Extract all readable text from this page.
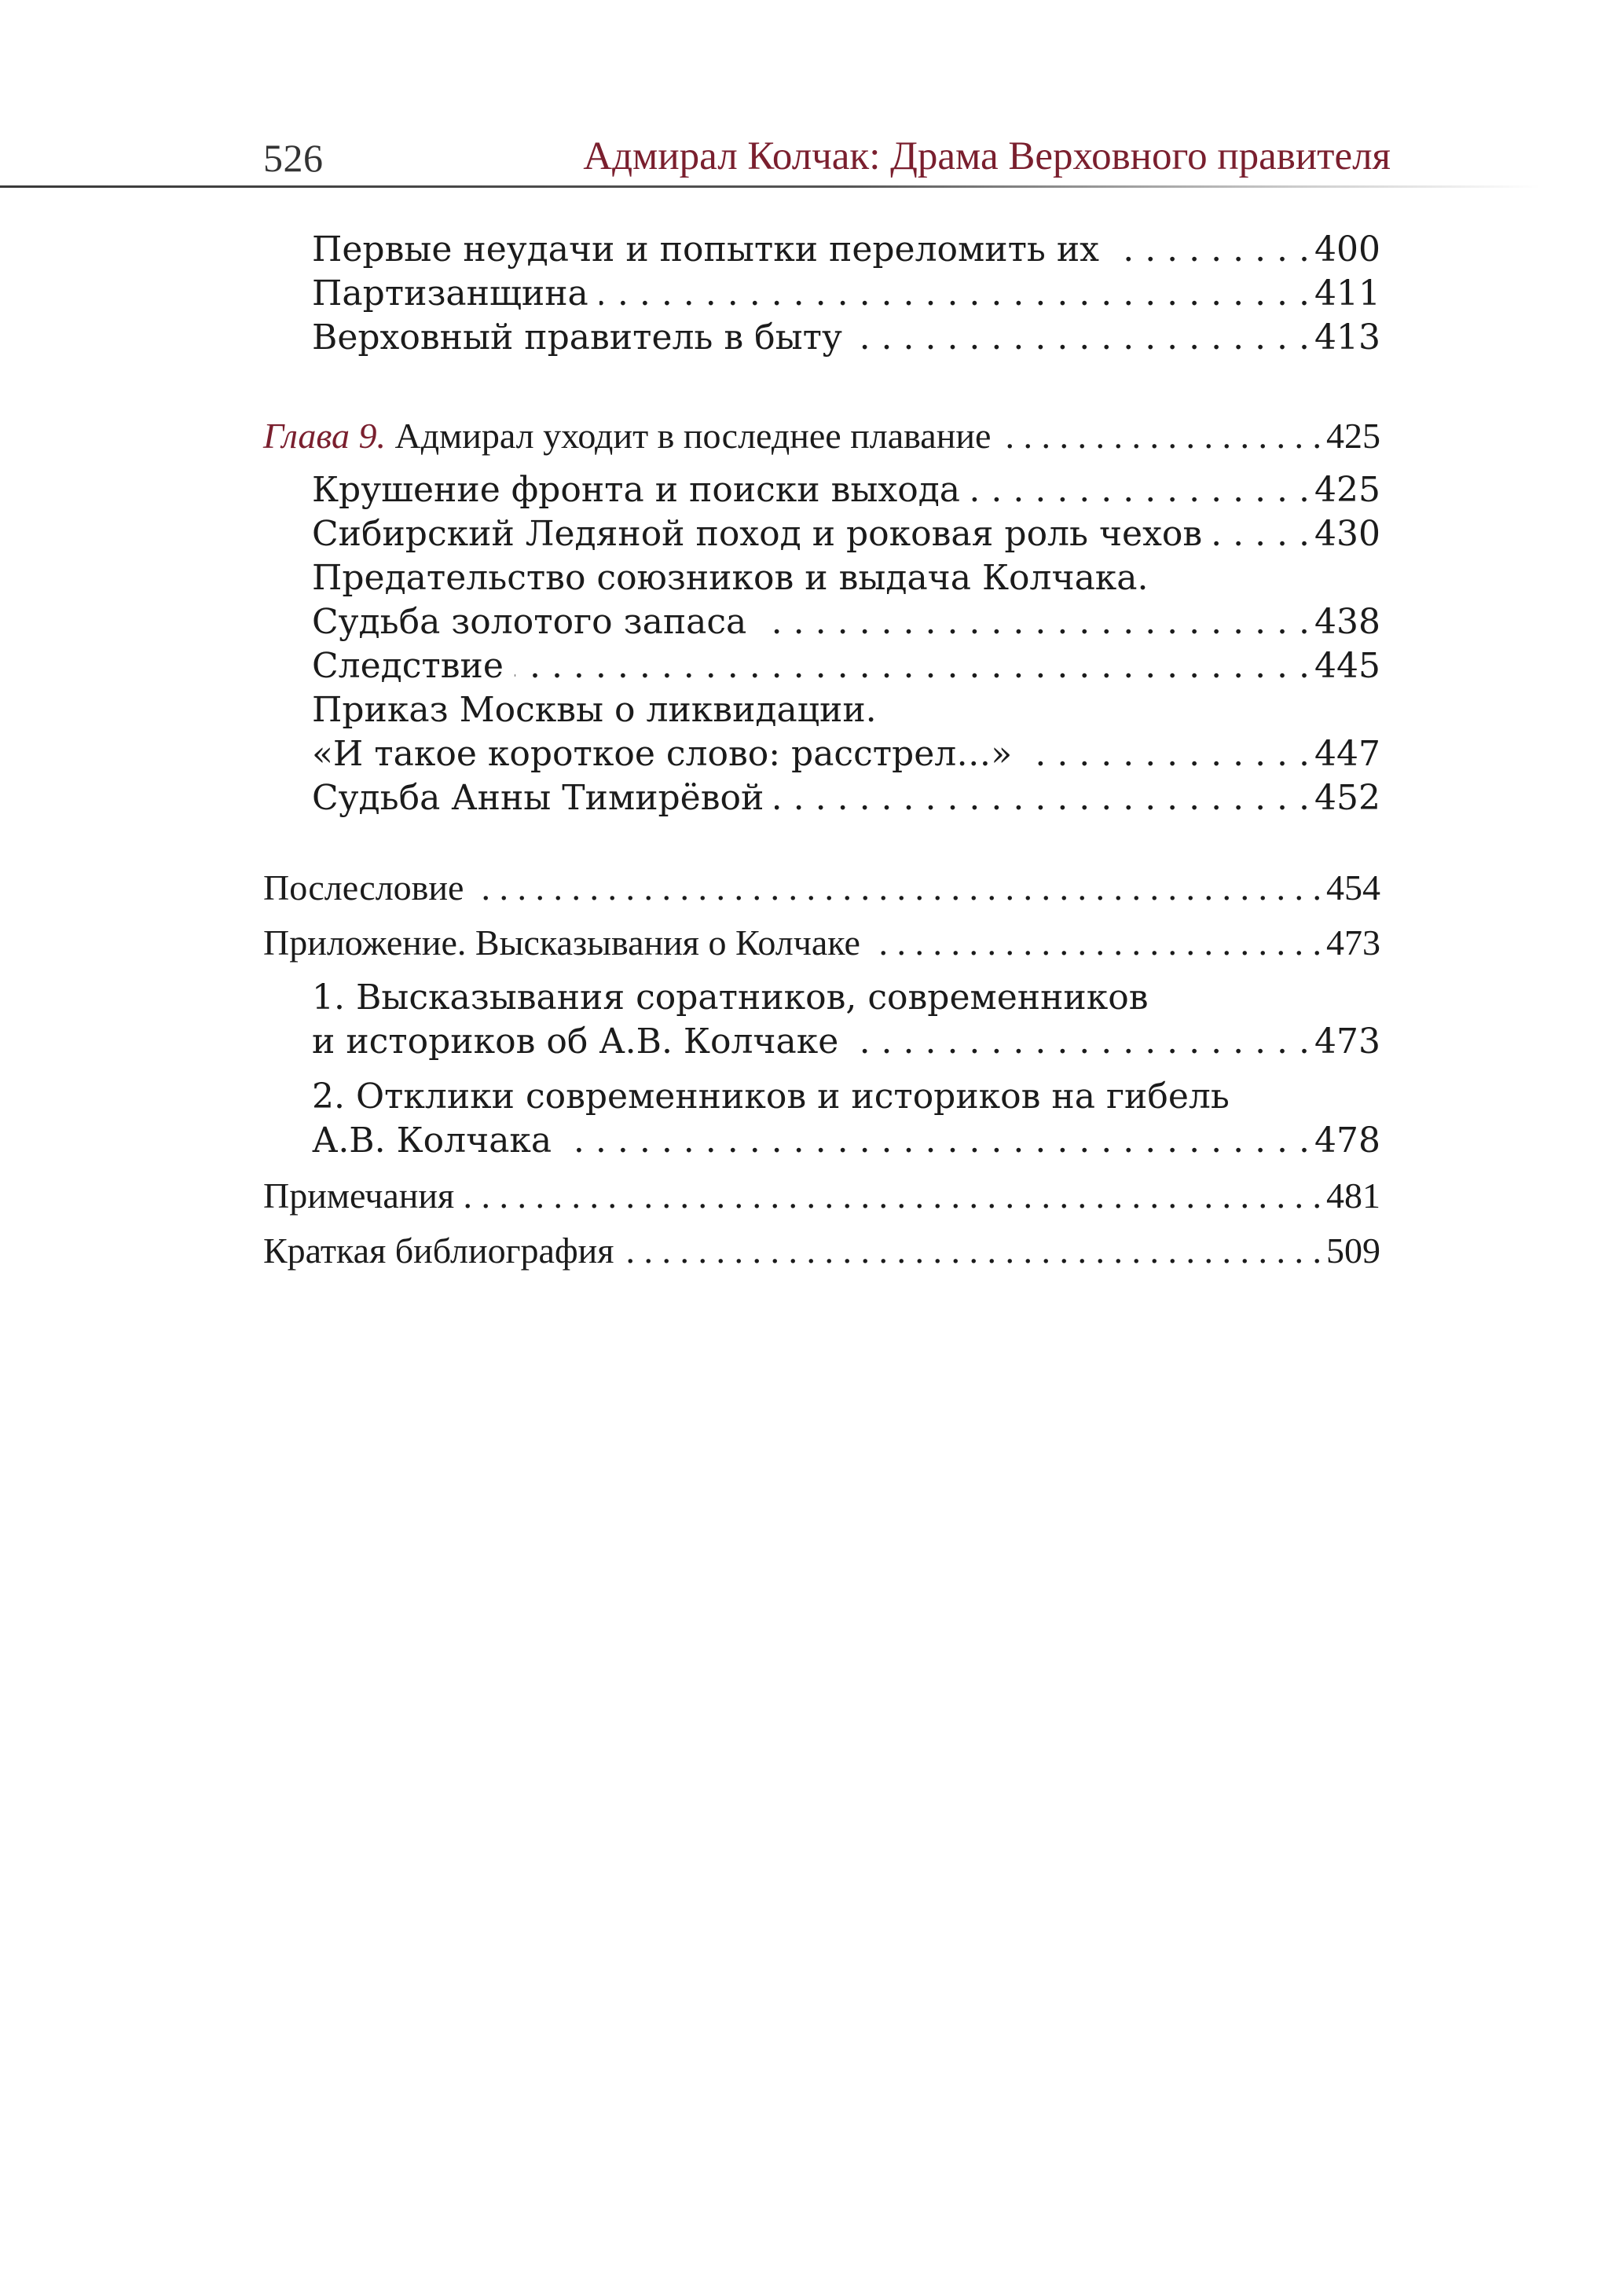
526	Адмирал Колчак: Драма Верховного правителя
Первые неудачи и попытки переломить их . . .	400
Партизанщина . . .	411
Верховный правитель в быту . . .	413
Глава 9. Адмирал уходит в последнее плавание . . .	425
Крушение фронта и поиски выхода . . .	425
Сибирский Ледяной поход и роковая роль чехов . . .	430
Предательство союзников и выдача Колчака.
Судьба золотого запаса . . .	438
Следствие . . .	445
Приказ Москвы о ликвидации.
«И такое короткое слово: расстрел…» . . .	447
Судьба Анны Тимирёвой . . .	452
Послесловие . . .	454
Приложение. Высказывания о Колчаке . . .	473
1. Высказывания соратников, современников
и историков об А.В. Колчаке . . .	473
2. Отклики современников и историков на гибель
А.В. Колчака . . .	478
Примечания . . .	481
Краткая библиография . . .	509
